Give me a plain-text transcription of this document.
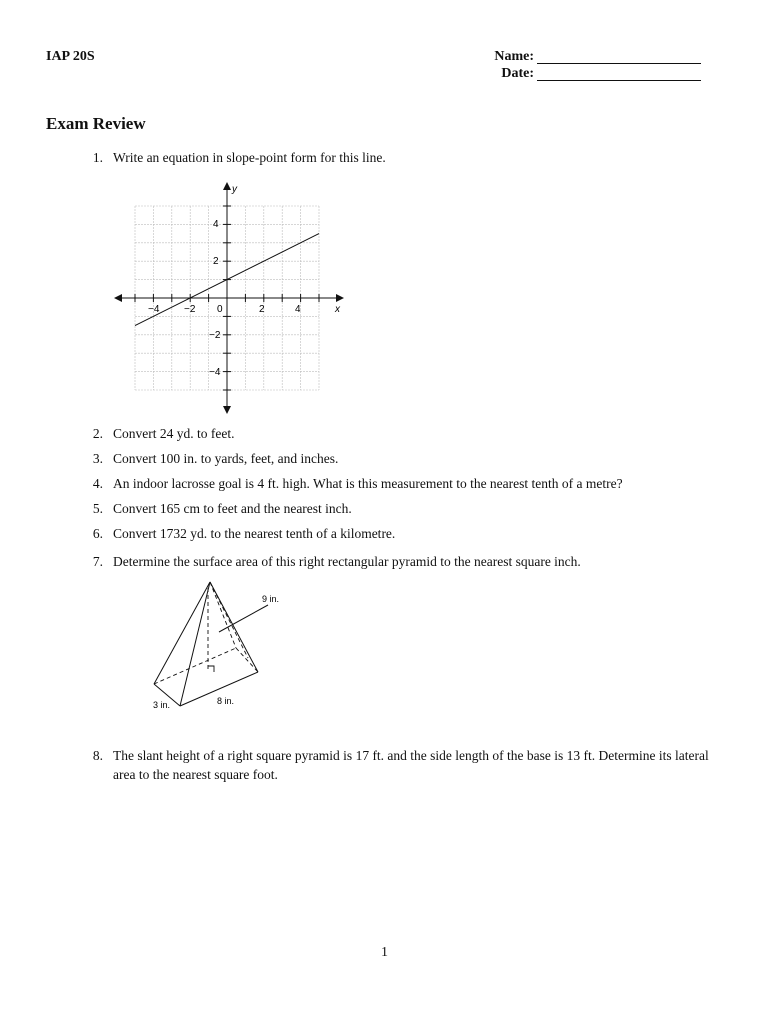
IAP 20S	Name:
Date:
Exam Review
1. Write an equation in slope-point form for this line.
y
x
−4 −2 0	2	4
4
2
−2
−4
2. Convert 24 yd. to feet.
3. Convert 100 in. to yards, feet, and inches.
4. An indoor lacrosse goal is 4 ft. high. What is this measurement to the nearest tenth of a metre?
5. Convert 165 cm to feet and the nearest inch.
6. Convert 1732 yd. to the nearest tenth of a kilometre.
7. Determine the surface area of this right rectangular pyramid to the nearest square inch.
9 in.
3 in.	8 in.
8. The slant height of a right square pyramid is 17 ft. and the side length of the base is 13 ft. Determine its lateral
area to the nearest square foot.
1
